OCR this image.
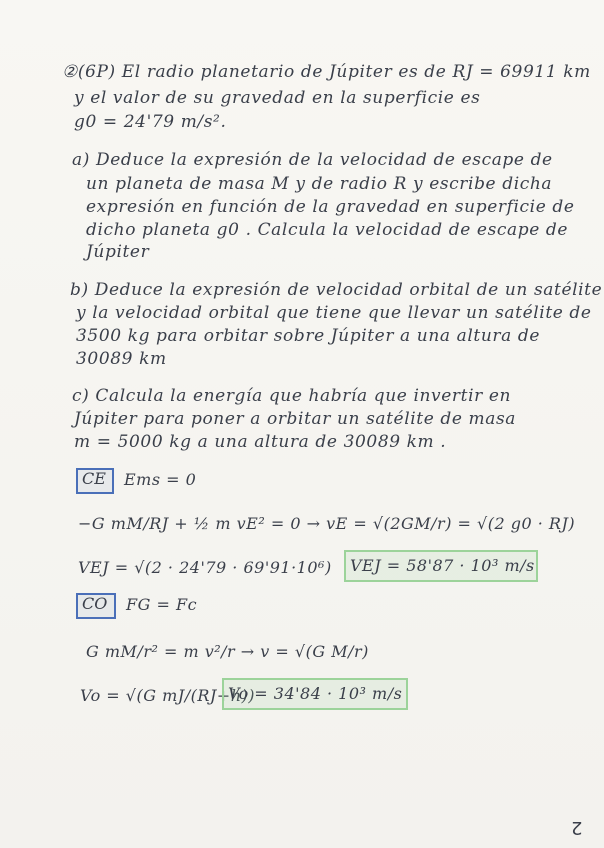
②(6P) El radio planetario de Júpiter es de RJ = 69911 km
y el valor de su gravedad en la superficie es
g0 = 24'79 m/s².
a) Deduce la expresión de la velocidad de escape de
un planeta de masa M y de radio R y escribe dicha
expresión en función de la gravedad en superficie de
dicho planeta g0 . Calcula la velocidad de escape de
Júpiter
b) Deduce la expresión de velocidad orbital de un satélite
y la velocidad orbital que tiene que llevar un satélite de
3500 kg para orbitar sobre Júpiter a una altura de
30089 km
c) Calcula la energía que habría que invertir en
Júpiter para poner a orbitar un satélite de masa
m = 5000 kg a una altura de 30089 km .
CE Ems = 0
−G mM/RJ + ½ m vE² = 0 → vE = √(2GM/r) = √(2 g0 · RJ)
VEJ = √(2 · 24'79 · 69'91·10⁶) VEJ = 58'87 · 10³ m/s
CO FG = Fc
G mM/r² = m v²/r → v = √(G M/r)
Vo = √(G mJ/(RJ+h))
Vo = 34'84 · 10³ m/s
2
